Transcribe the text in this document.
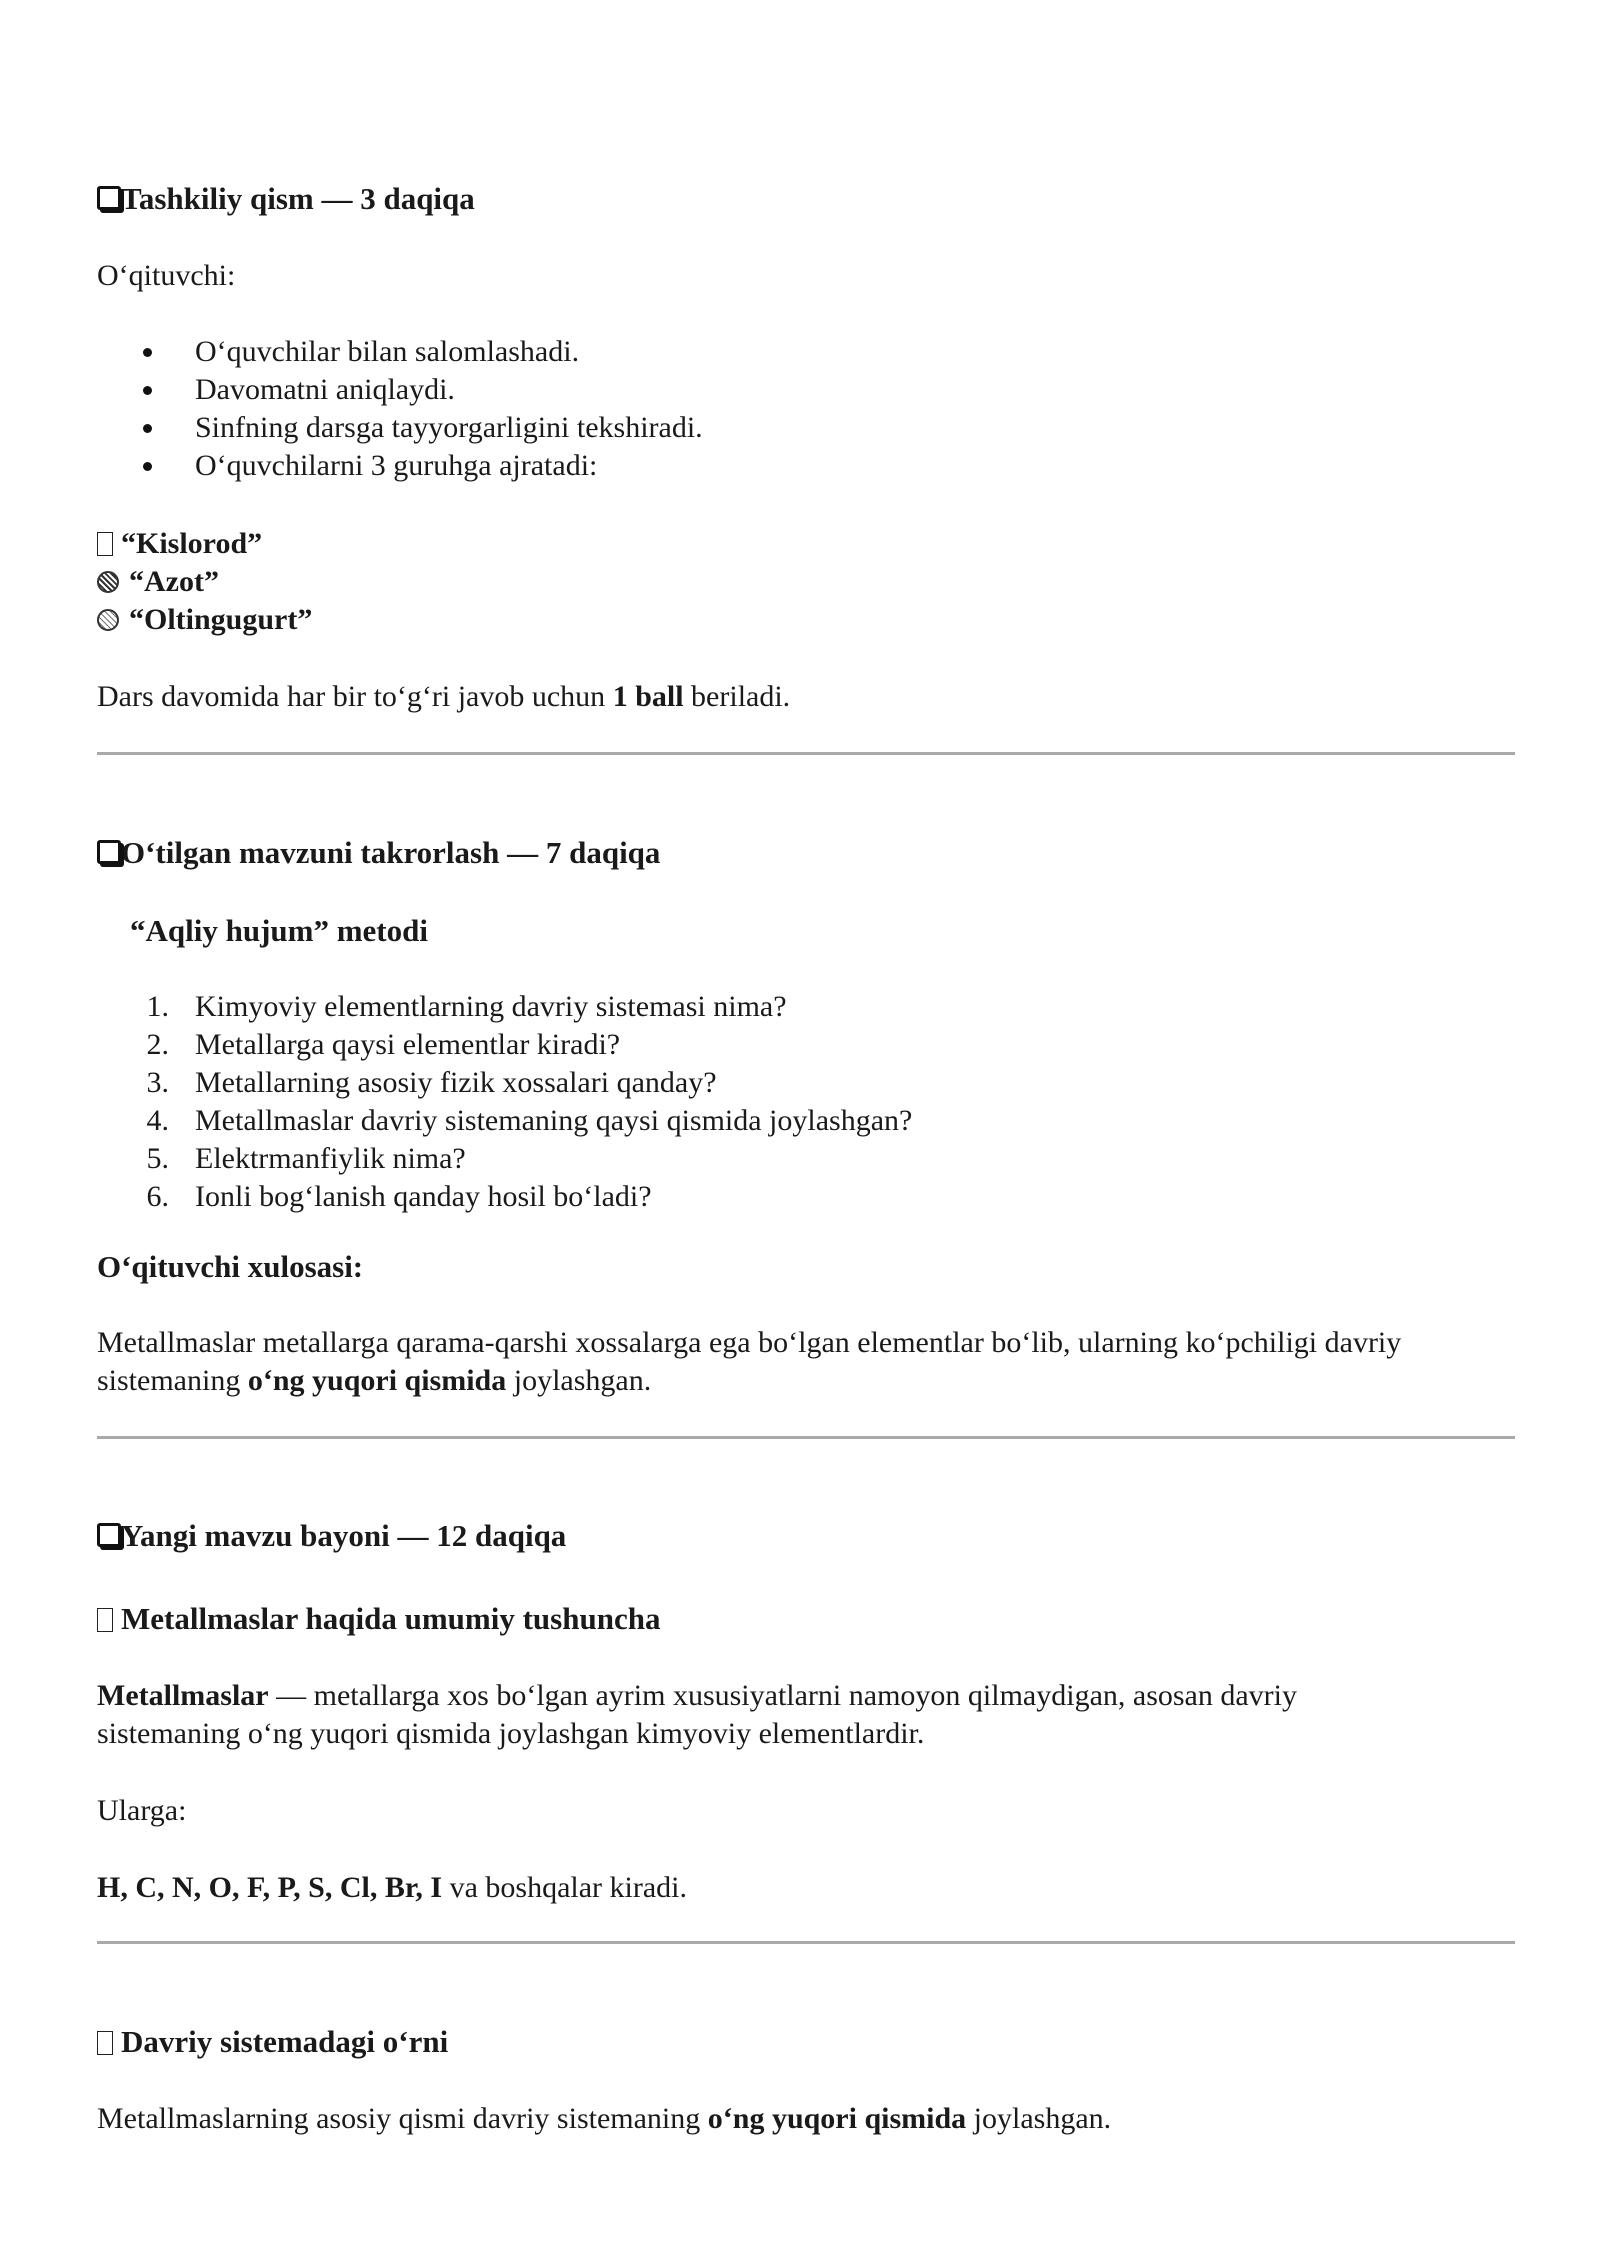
Tashkiliy qism — 3 daqiqa
O‘qituvchi:
O‘quvchilar bilan salomlashadi.
Davomatni aniqlaydi.
Sinfning darsga tayyorgarligini tekshiradi.
O‘quvchilarni 3 guruhga ajratadi:
“Kislorod”
“Azot”
“Oltingugurt”
Dars davomida har bir to‘g‘ri javob uchun 1 ball beriladi.
O‘tilgan mavzuni takrorlash — 7 daqiqa
“Aqliy hujum” metodi
1. Kimyoviy elementlarning davriy sistemasi nima?
2. Metallarga qaysi elementlar kiradi?
3. Metallarning asosiy fizik xossalari qanday?
4. Metallmaslar davriy sistemaning qaysi qismida joylashgan?
5. Elektrmanfiylik nima?
6. Ionli bog‘lanish qanday hosil bo‘ladi?
O‘qituvchi xulosasi:
Metallmaslar metallarga qarama-qarshi xossalarga ega bo‘lgan elementlar bo‘lib, ularning ko‘pchiligi davriy
sistemaning o‘ng yuqori qismida joylashgan.
Yangi mavzu bayoni — 12 daqiqa
Metallmaslar haqida umumiy tushuncha
Metallmaslar — metallarga xos bo‘lgan ayrim xususiyatlarni namoyon qilmaydigan, asosan davriy
sistemaning o‘ng yuqori qismida joylashgan kimyoviy elementlardir.
Ularga:
H, C, N, O, F, P, S, Cl, Br, I va boshqalar kiradi.
Davriy sistemadagi o‘rni
Metallmaslarning asosiy qismi davriy sistemaning o‘ng yuqori qismida joylashgan.
